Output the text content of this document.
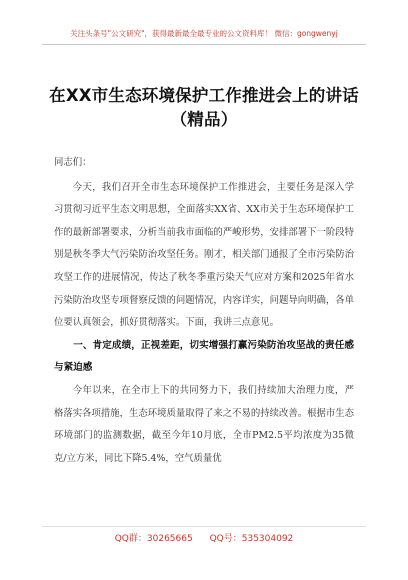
关注头条号"公文研究"，获得最新最全最专业的公文资料库！ 微信：gongwenyj
在XX市生态环境保护工作推进会上的讲话（精品）

同志们：

今天，我们召开全市生态环境保护工作推进会，主要任务是深入学习贯彻习近平生态文明思想，全面落实XX省、XX市关于生态环境保护工作的最新部署要求，分析当前我市面临的严峻形势，安排部署下一阶段特别是秋冬季大气污染防治攻坚任务。刚才，相关部门通报了全市污染防治攻坚工作的进展情况，传达了秋冬季重污染天气应对方案和2025年省水污染防治攻坚专项督察反馈的问题情况，内容详实，问题导向明确，各单位要认真领会，抓好贯彻落实。下面，我讲三点意见。

一、肯定成绩，正视差距，切实增强打赢污染防治攻坚战的责任感与紧迫感

今年以来，在全市上下的共同努力下，我们持续加大治理力度，严格落实各项措施，生态环境质量取得了来之不易的持续改善。根据市生态环境部门的监测数据，截至今年10月底，全市PM2.5平均浓度为35微克/立方米，同比下降5.4%，空气质量优

QQ群：30265665 QQ号：535304092
